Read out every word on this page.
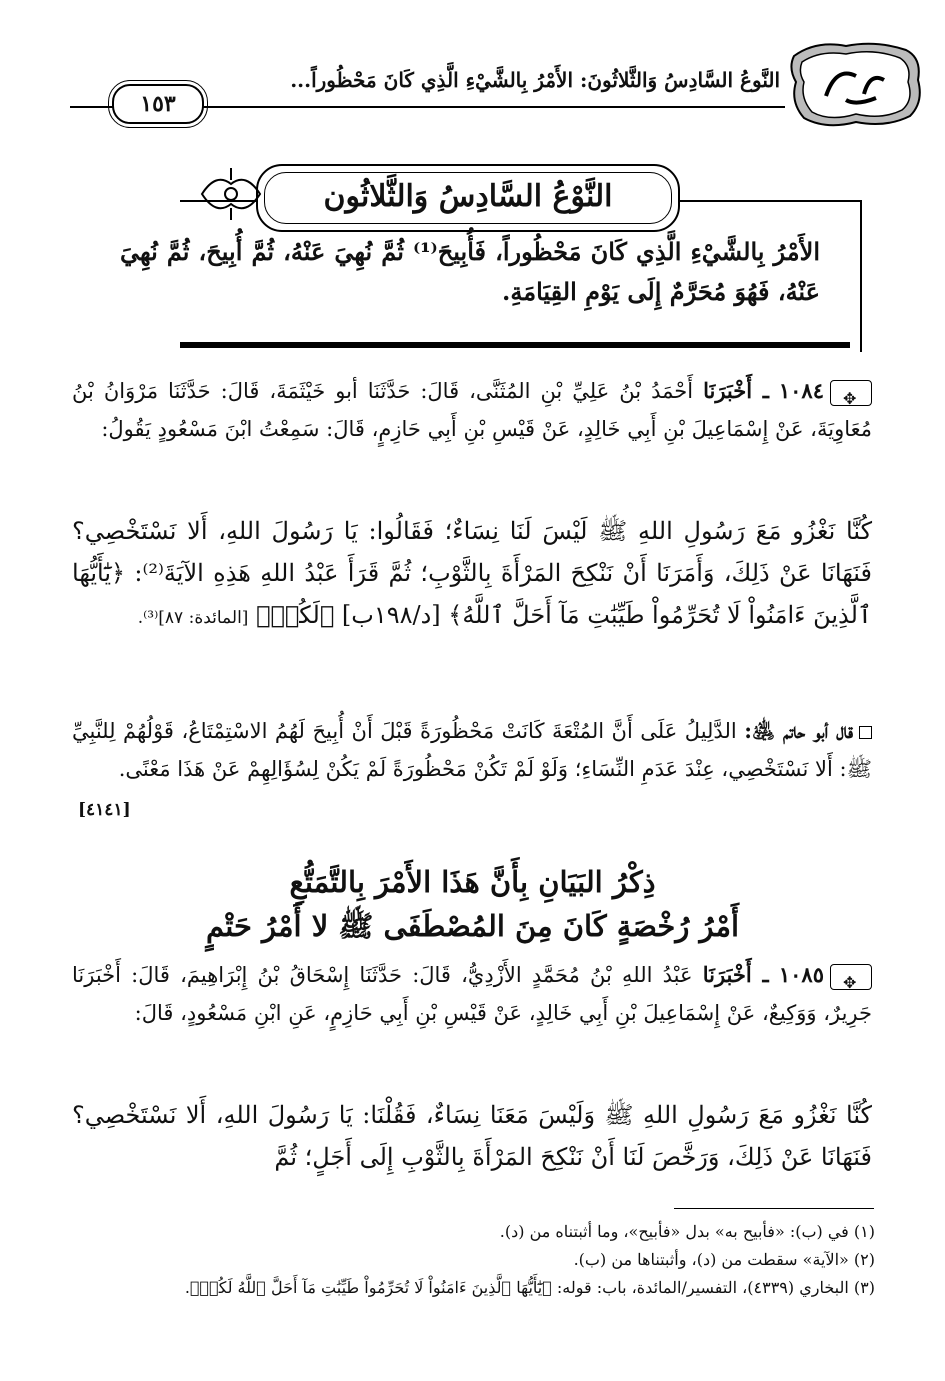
النَّوعُ السَّادِسُ وَالثَّلاثُونَ: الأَمْرُ بِالشَّيْءِ الَّذِي كَانَ مَحْظُوراً...
١٥٣
النَّوْعُ السَّادِسُ وَالثَّلاثُون
الأَمْرُ بِالشَّيْءِ الَّذِي كَانَ مَحْظُوراً، فَأُبِيحَ⁽¹⁾ ثُمَّ نُهِيَ عَنْهُ، ثُمَّ أُبِيحَ، ثُمَّ نُهِيَ عَنْهُ، فَهُوَ مُحَرَّمٌ إِلَى يَوْمِ القِيَامَةِ.
✥١٠٨٤ ـ أَخْبَرَنَا أَحْمَدُ بْنُ عَلِيِّ بْنِ المُثَنَّى، قَالَ: حَدَّثَنَا أبو خَيْثَمَةَ، قَالَ: حَدَّثَنَا مَرْوَانُ بْنُ مُعَاوِيَةَ، عَنْ إِسْمَاعِيلَ بْنِ أَبِي خَالِدٍ، عَنْ قَيْسِ بْنِ أَبِي حَازِمٍ، قَالَ: سَمِعْتُ ابْنَ مَسْعُودٍ يَقُولُ:
كُنَّا نَغْزُو مَعَ رَسُولِ اللهِ ﷺ لَيْسَ لَنَا نِسَاءٌ؛ فَقَالُوا: يَا رَسُولَ اللهِ، أَلا نَسْتَخْصِي؟ فَنَهَانَا عَنْ ذَلِكَ، وَأَمَرَنَا أَنْ نَنْكِحَ المَرْأَةَ بِالثَّوْبِ؛ ثُمَّ قَرَأَ عَبْدُ اللهِ هَذِهِ الآيَةَ⁽²⁾: ﴿يَٰٓأَيُّهَا ٱلَّذِينَ ءَامَنُواْ لَا تُحَرِّمُواْ طَيِّبَٰتِ مَآ أَحَلَّ ٱللَّهُ﴾ [د/١٩٨ب] ﴿لَكُمۡ﴾ [المائدة: ٨٧]⁽³⁾.
قال أبو حاتم ﵁: الدَّلِيلُ عَلَى أَنَّ المُتْعَةَ كَانَتْ مَحْظُورَةً قَبْلَ أَنْ أُبِيحَ لَهُمُ الاسْتِمْتَاعُ، قَوْلُهُمْ لِلنَّبِيِّ ﷺ: أَلا نَسْتَخْصِي، عِنْدَ عَدَمِ النِّسَاءِ؛ وَلَوْ لَمْ تَكُنْ مَحْظُورَةً لَمْ يَكُنْ لِسُؤَالِهِمْ عَنْ هَذَا مَعْنًى.
[٤١٤١]
ذِكْرُ البَيَانِ بِأَنَّ هَذَا الأَمْرَ بِالتَّمَتُّعِ
أَمْرُ رُخْصَةٍ كَانَ مِنَ المُصْطَفَى ﷺ لا أَمْرُ حَتْمٍ
✥١٠٨٥ ـ أَخْبَرَنَا عَبْدُ اللهِ بْنُ مُحَمَّدٍ الأَزْدِيُّ، قَالَ: حَدَّثَنَا إِسْحَاقُ بْنُ إِبْرَاهِيمَ، قَالَ: أَخْبَرَنَا جَرِيرٌ، وَوَكِيعٌ، عَنْ إِسْمَاعِيلَ بْنِ أَبِي خَالِدٍ، عَنْ قَيْسِ بْنِ أَبِي حَازِمٍ، عَنِ ابْنِ مَسْعُودٍ، قَالَ:
كُنَّا نَغْزُو مَعَ رَسُولِ اللهِ ﷺ وَلَيْسَ مَعَنَا نِسَاءٌ، فَقُلْنَا: يَا رَسُولَ اللهِ، أَلا نَسْتَخْصِي؟ فَنَهَانَا عَنْ ذَلِكَ، وَرَخَّصَ لَنَا أَنْ نَنْكِحَ المَرْأَةَ بِالثَّوْبِ إِلَى أَجَلٍ؛ ثُمَّ
(١) في (ب): «فأبيح به» بدل «فأبيح»، وما أثبتناه من (د).
(٢) «الآية» سقطت من (د)، وأثبتناها من (ب).
(٣) البخاري (٤٣٣٩)، التفسير/المائدة، باب: قوله: ﴿يَٰٓأَيُّهَا ٱلَّذِينَ ءَامَنُواْ لَا تُحَرِّمُواْ طَيِّبَٰتِ مَآ أَحَلَّ ٱللَّهُ لَكُمۡ﴾.
